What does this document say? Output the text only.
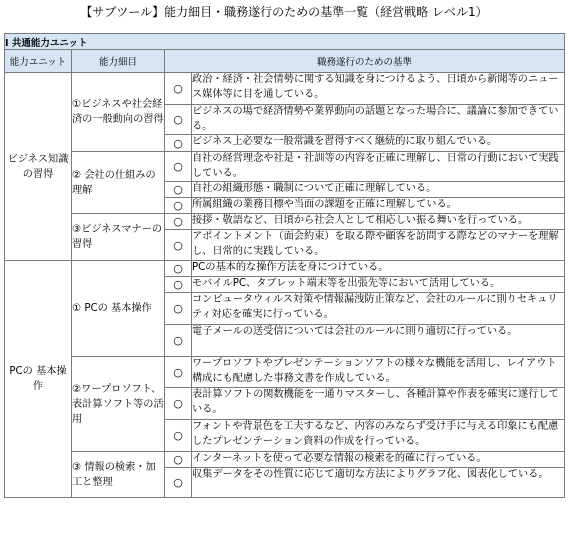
【サブツール】能力細目・職務遂行のための基準一覧（経営戦略 レベル1）
Ⅰ 共通能力ユニット			
能力ユニット	能力細目	職務遂行のための基準	
ビジネス知識の習得	①ビジネスや社会経済の一般動向の習得	○	政治・経済・社会情勢に関する知識を身につけるよう、日頃から新聞等のニュース媒体等に目を通している。
		○	ビジネスの場で経済情勢や業界動向の話題となった場合に、議論に参加できている。
		○	ビジネス上必要な一般常識を習得すべく継続的に取り組んでいる。
	② 会社の仕組みの理解	○	自社の経営理念や社是・社訓等の内容を正確に理解し、日常の行動において実践している。
		○	自社の組織形態・職制について正確に理解している。
		○	所属組織の業務目標や当面の課題を正確に理解している。
	③ビジネスマナーの習得	○	接拶・敬語など、日頃から社会人として相応しい振る舞いを行っている。
		○	アポイントメント（面会約束）を取る際や顧客を訪問する際などのマナーを理解し、日常的に実践している。
PCの 基本操作	① PCの 基本操作	○	PCの基本的な操作方法を身につけている。
		○	モバイルPC、タブレット端末等を出張先等において活用している。
		○	コンピュータウィルス対策や情報漏洩防止策など、会社のルールに則りセキュリティ対応を確実に行っている。
		○	電子メールの送受信については会社のルールに則り適切に行っている。
	②ワープロソフト、表計算ソフト等の活用	○	ワープロソフトやプレゼンテーションソフトの様々な機能を活用し、レイアウト構成にも配慮した事務文書を作成している。
		○	表計算ソフトの関数機能を一通りマスターし、各種計算や作表を確実に遂行している。
		○	フォントや背景色を工夫するなど、内容のみならず受け手に与える印象にも配慮したプレゼンテーション資料の作成を行っている。
	③ 情報の検索・加工と整理	○	インターネットを使って必要な情報の検索を的確に行っている。
		○	収集データをその性質に応じて適切な方法によりグラフ化、図表化している。
